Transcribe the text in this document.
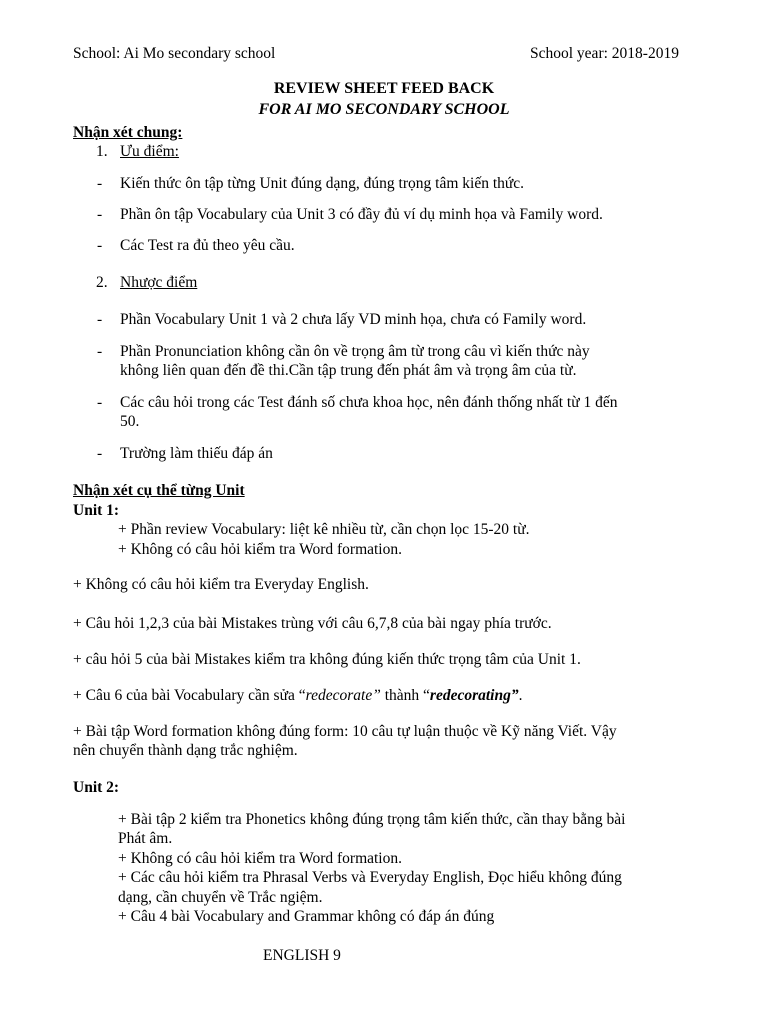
School: Ai Mo secondary school	School year: 2018-2019
REVIEW SHEET FEED BACK
FOR AI MO SECONDARY SCHOOL
Nhận xét chung:
1. Ưu điểm:
- Kiến thức ôn tập từng Unit đúng dạng, đúng trọng tâm kiến thức.
- Phần ôn tập Vocabulary của Unit 3 có đầy đủ ví dụ minh họa và Family word.
- Các Test ra đủ theo yêu cầu.
2. Nhược điểm
- Phần Vocabulary Unit 1 và 2 chưa lấy VD minh họa, chưa có Family word.
- Phần Pronunciation không cần ôn về trọng âm từ trong câu vì kiến thức này
không liên quan đến đề thi.Cần tập trung đến phát âm và trọng âm của từ.
- Các câu hỏi trong các Test đánh số chưa khoa học, nên đánh thống nhất từ 1 đến
50.
- Trường làm thiếu đáp án
Nhận xét cụ thể từng Unit
Unit 1:
+ Phần review Vocabulary: liệt kê nhiều từ, cần chọn lọc 15-20 từ.
+ Không có câu hỏi kiểm tra Word formation.
+ Không có câu hỏi kiểm tra Everyday English.
+ Câu hỏi 1,2,3 của bài Mistakes trùng với câu 6,7,8 của bài ngay phía trước.
+ câu hỏi 5 của bài Mistakes kiểm tra không đúng kiến thức trọng tâm của Unit 1.
+ Câu 6 của bài Vocabulary cần sửa “redecorate” thành “redecorating”.
+ Bài tập Word formation không đúng form: 10 câu tự luận thuộc về Kỹ năng Viết. Vậy
nên chuyển thành dạng trắc nghiệm.
Unit 2:
+ Bài tập 2 kiểm tra Phonetics không đúng trọng tâm kiến thức, cần thay bằng bài
Phát âm.
+ Không có câu hỏi kiểm tra Word formation.
+ Các câu hỏi kiểm tra Phrasal Verbs và Everyday English, Đọc hiểu không đúng
dạng, cần chuyển về Trắc ngiệm.
+ Câu 4 bài Vocabulary and Grammar không có đáp án đúng
ENGLISH 9
